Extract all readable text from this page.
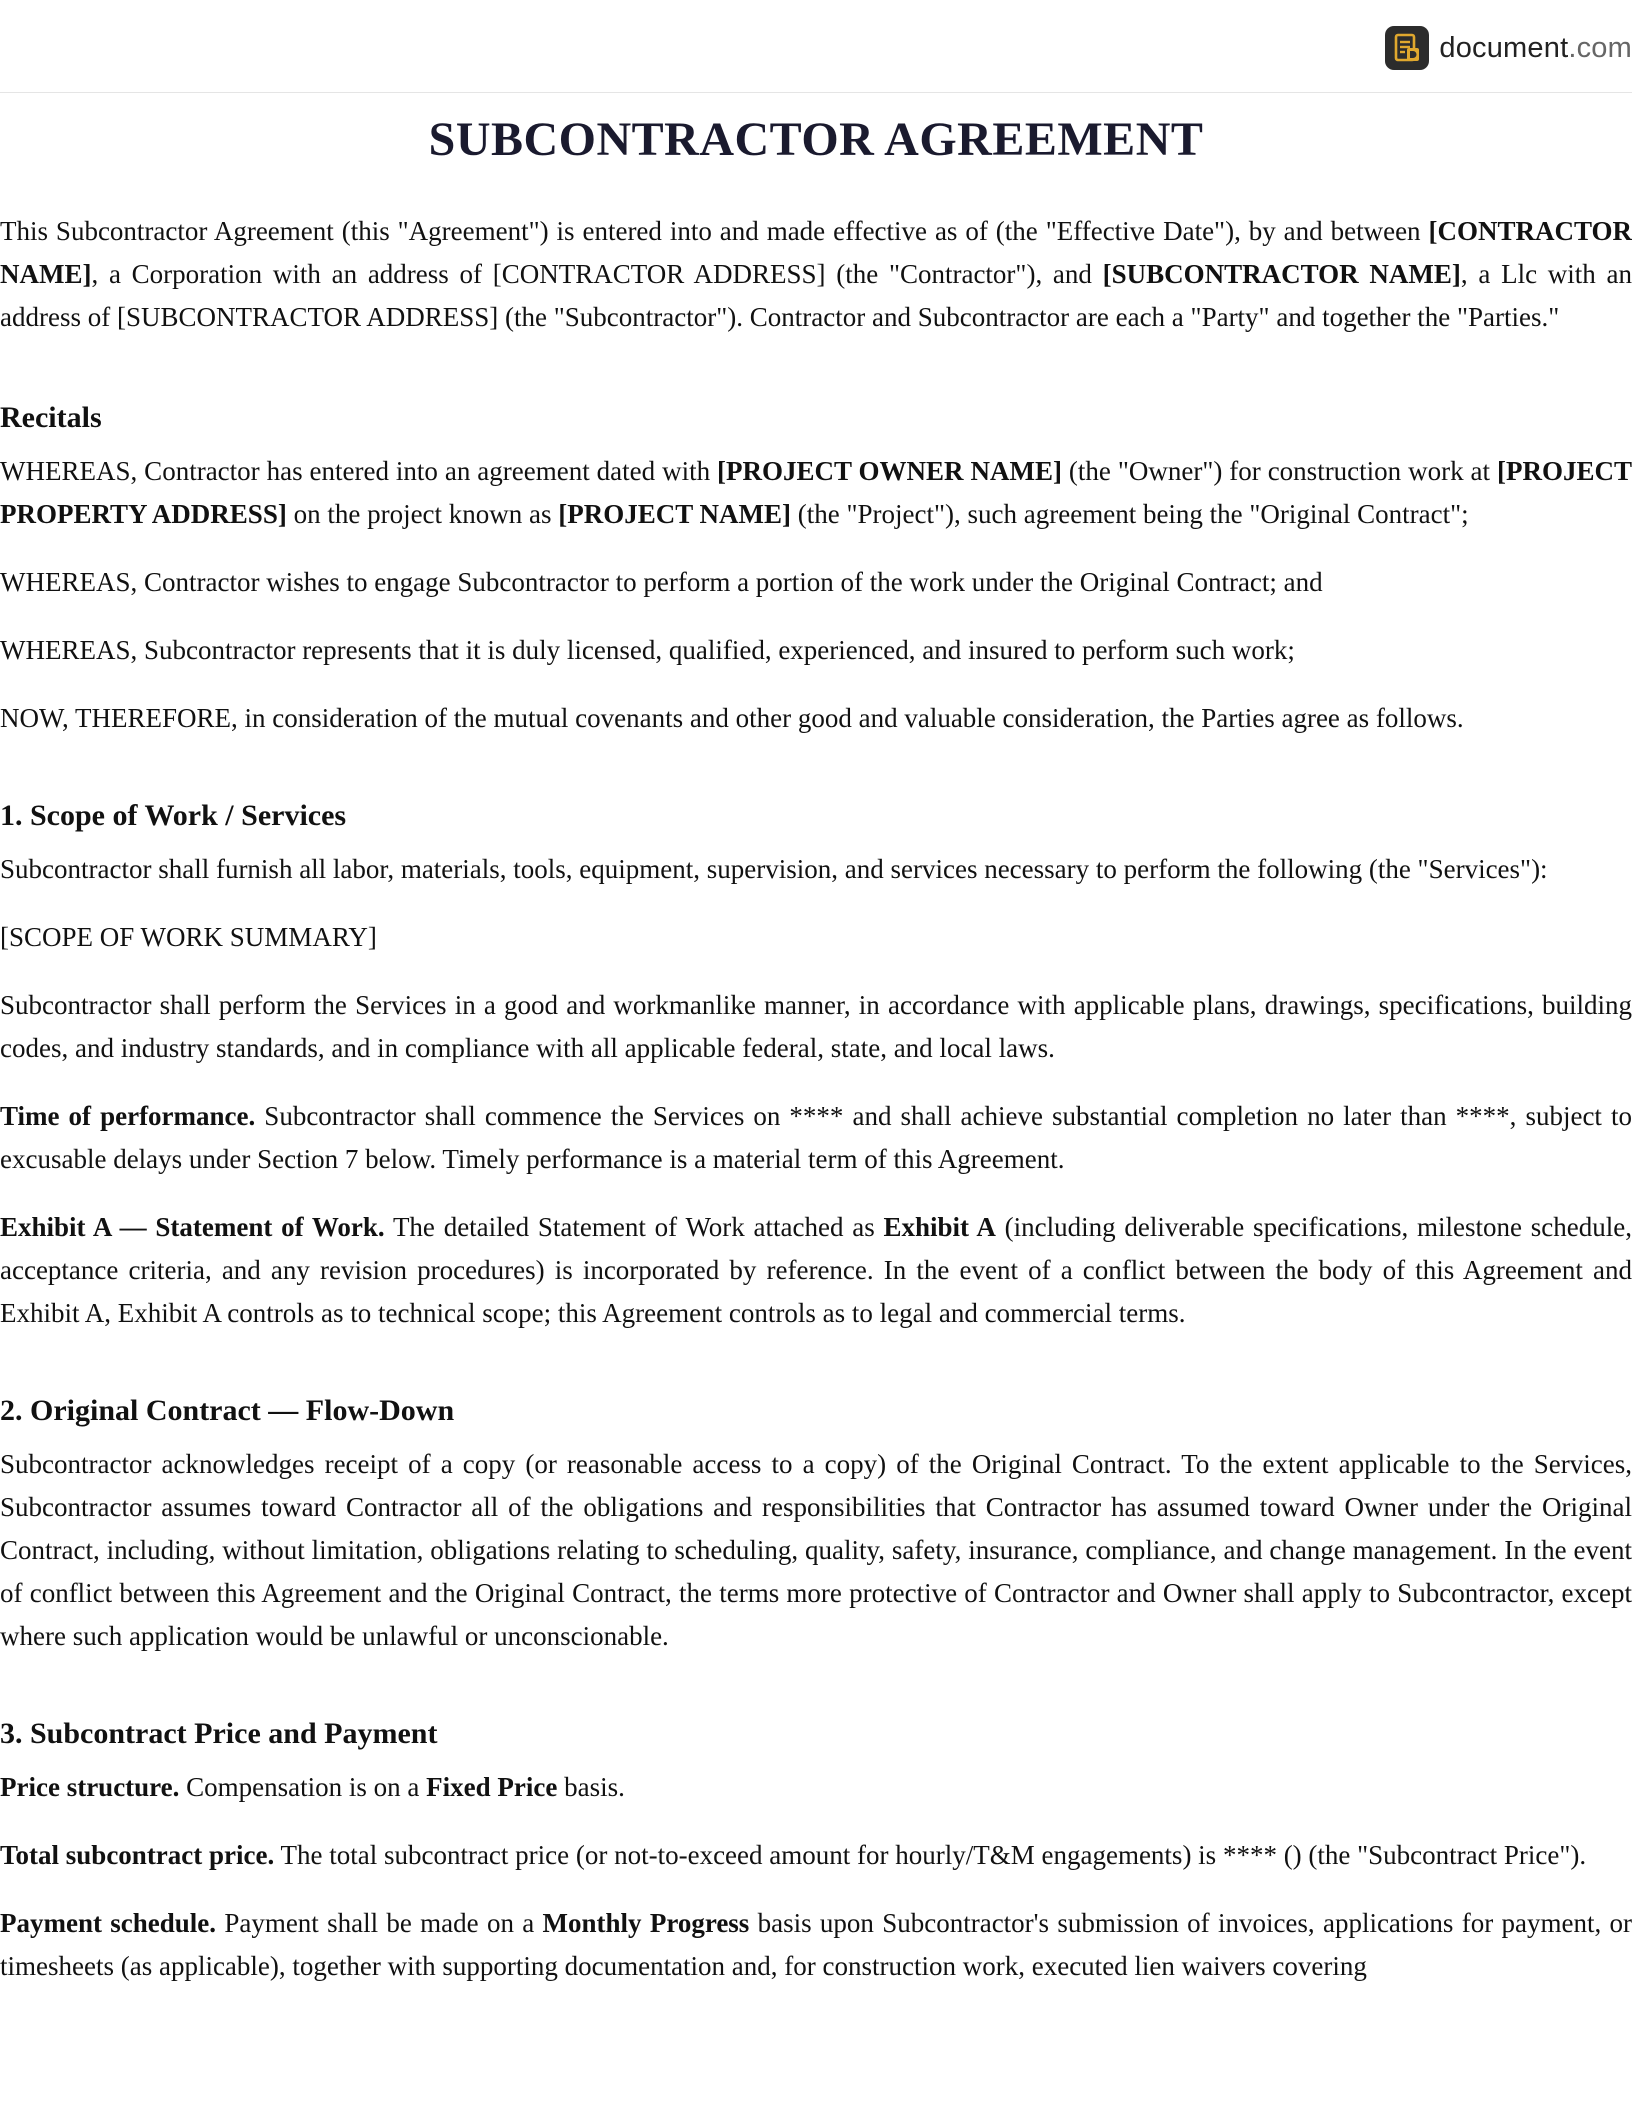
document.com
SUBCONTRACTOR AGREEMENT

This Subcontractor Agreement (this "Agreement") is entered into and made effective as of (the "Effective Date"), by and between [CONTRACTOR NAME], a Corporation with an address of [CONTRACTOR ADDRESS] (the "Contractor"), and [SUBCONTRACTOR NAME], a Llc with an address of [SUBCONTRACTOR ADDRESS] (the "Subcontractor"). Contractor and Subcontractor are each a "Party" and together the "Parties."

Recitals

WHEREAS, Contractor has entered into an agreement dated with [PROJECT OWNER NAME] (the "Owner") for construction work at [PROJECT PROPERTY ADDRESS] on the project known as [PROJECT NAME] (the "Project"), such agreement being the "Original Contract";

WHEREAS, Contractor wishes to engage Subcontractor to perform a portion of the work under the Original Contract; and

WHEREAS, Subcontractor represents that it is duly licensed, qualified, experienced, and insured to perform such work;

NOW, THEREFORE, in consideration of the mutual covenants and other good and valuable consideration, the Parties agree as follows.

1. Scope of Work / Services

Subcontractor shall furnish all labor, materials, tools, equipment, supervision, and services necessary to perform the following (the "Services"):

[SCOPE OF WORK SUMMARY]

Subcontractor shall perform the Services in a good and workmanlike manner, in accordance with applicable plans, drawings, specifications, building codes, and industry standards, and in compliance with all applicable federal, state, and local laws.

Time of performance. Subcontractor shall commence the Services on **** and shall achieve substantial completion no later than ****, subject to excusable delays under Section 7 below. Timely performance is a material term of this Agreement.

Exhibit A — Statement of Work. The detailed Statement of Work attached as Exhibit A (including deliverable specifications, milestone schedule, acceptance criteria, and any revision procedures) is incorporated by reference. In the event of a conflict between the body of this Agreement and Exhibit A, Exhibit A controls as to technical scope; this Agreement controls as to legal and commercial terms.

2. Original Contract — Flow-Down

Subcontractor acknowledges receipt of a copy (or reasonable access to a copy) of the Original Contract. To the extent applicable to the Services, Subcontractor assumes toward Contractor all of the obligations and responsibilities that Contractor has assumed toward Owner under the Original Contract, including, without limitation, obligations relating to scheduling, quality, safety, insurance, compliance, and change management. In the event of conflict between this Agreement and the Original Contract, the terms more protective of Contractor and Owner shall apply to Subcontractor, except where such application would be unlawful or unconscionable.

3. Subcontract Price and Payment

Price structure. Compensation is on a Fixed Price basis.

Total subcontract price. The total subcontract price (or not-to-exceed amount for hourly/T&M engagements) is **** () (the "Subcontract Price").

Payment schedule. Payment shall be made on a Monthly Progress basis upon Subcontractor's submission of invoices, applications for payment, or timesheets (as applicable), together with supporting documentation and, for construction work, executed lien waivers covering
